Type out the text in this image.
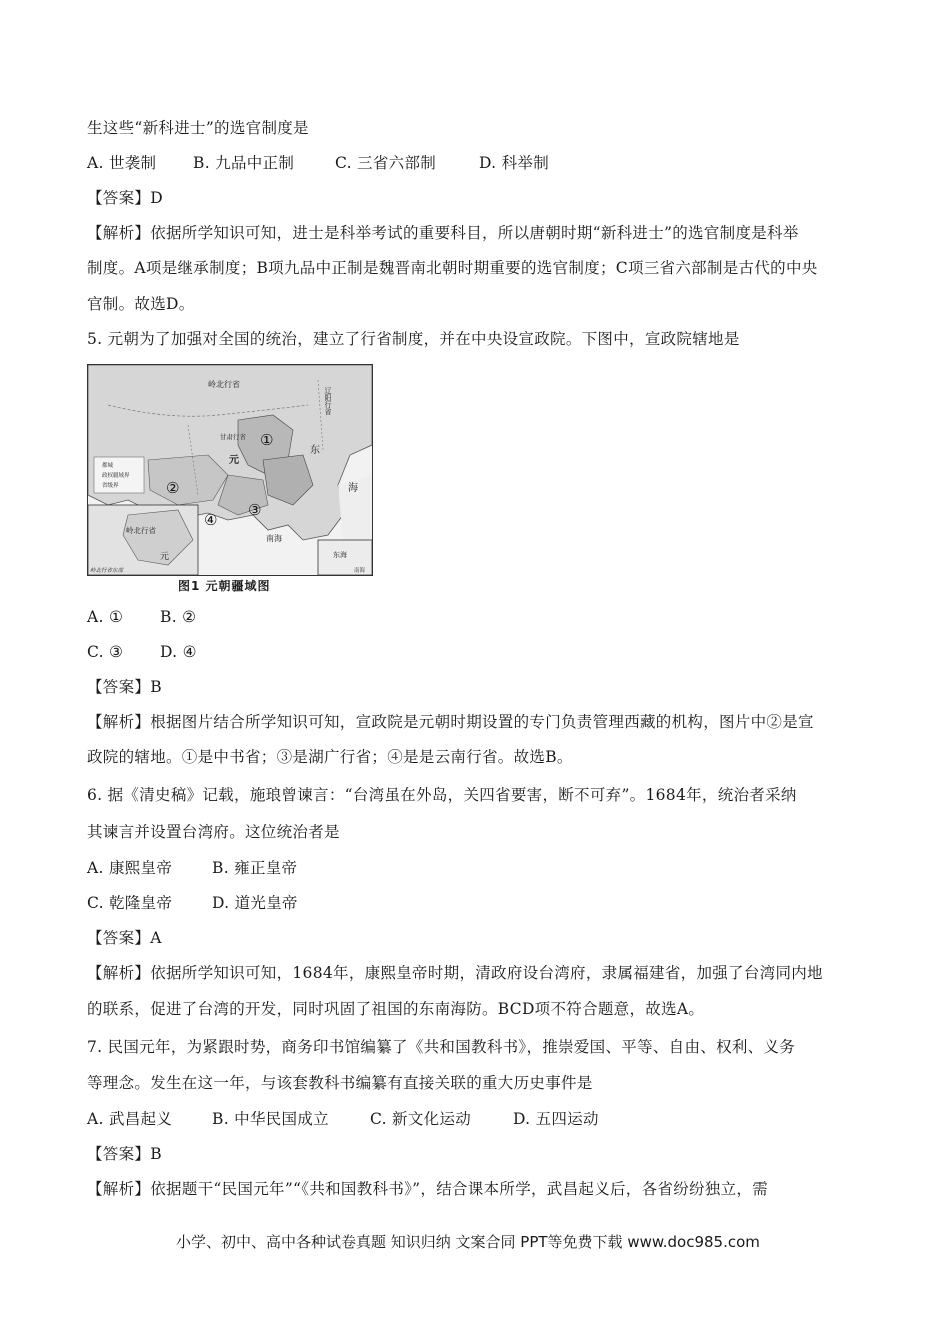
生这些“新科进士”的选官制度是
A. 世袭制 B. 九品中正制	C. 三省六部制	D. 科举制
【答案】D
【解析】依据所学知识可知，进士是科举考试的重要科目，所以唐朝时期“新科进士”的选官制度是科举
制度。A项是继承制度；B项九品中正制是魏晋南北朝时期重要的选官制度；C项三省六部制是古代的中央
官制。故选D。
5. 元朝为了加强对全国的统治，建立了行省制度，并在中央设宣政院。下图中，宣政院辖地是
岭北行省
辽阳行省
甘肃行省
元
东
海
南海
岭北行省
元	东海
都城
政权疆域界
省级界
岭北行省东部	南海
①
②
③
④
图1 元朝疆域图
A. ① B. ②
C. ③ D. ④
【答案】B
【解析】根据图片结合所学知识可知，宣政院是元朝时期设置的专门负责管理西藏的机构，图片中②是宣
政院的辖地。①是中书省；③是湖广行省；④是是云南行省。故选B。
6. 据《清史稿》记载，施琅曾谏言：“台湾虽在外岛，关四省要害，断不可弃”。1684年，统治者采纳
其谏言并设置台湾府。这位统治者是
A. 康熙皇帝	B. 雍正皇帝
C. 乾隆皇帝	D. 道光皇帝
【答案】A
【解析】依据所学知识可知，1684年，康熙皇帝时期，清政府设台湾府，隶属福建省，加强了台湾同内地
的联系，促进了台湾的开发，同时巩固了祖国的东南海防。BCD项不符合题意，故选A。
7. 民国元年，为紧跟时势，商务印书馆编纂了《共和国教科书》，推崇爱国、平等、自由、权利、义务
等理念。发生在这一年，与该套教科书编纂有直接关联的重大历史事件是
A. 武昌起义	B. 中华民国成立	C. 新文化运动	D. 五四运动
【答案】B
【解析】依据题干“民国元年”“《共和国教科书》”，结合课本所学，武昌起义后，各省纷纷独立，需
小学、初中、高中各种试卷真题 知识归纳 文案合同 PPT等免费下载 www.doc985.com
